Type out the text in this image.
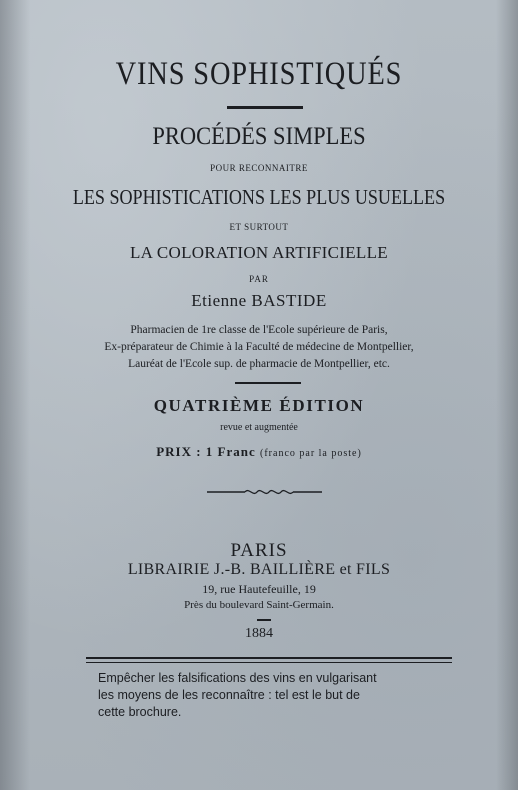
VINS SOPHISTIQUÉS
PROCÉDÉS SIMPLES
POUR RECONNAITRE
LES SOPHISTICATIONS LES PLUS USUELLES
ET SURTOUT
LA COLORATION ARTIFICIELLE
PAR
Etienne BASTIDE
Pharmacien de 1re classe de l'Ecole supérieure de Paris,
Ex-préparateur de Chimie à la Faculté de médecine de Montpellier,
Lauréat de l'Ecole sup. de pharmacie de Montpellier, etc.
QUATRIÈME ÉDITION
revue et augmentée
PRIX : 1 Franc (franco par la poste)
PARIS
LIBRAIRIE J.-B. BAILLIÈRE et FILS
19, rue Hautefeuille, 19
Près du boulevard Saint-Germain.
1884
Empêcher les falsifications des vins en vulgarisant
les moyens de les reconnaître : tel est le but de
cette brochure.
